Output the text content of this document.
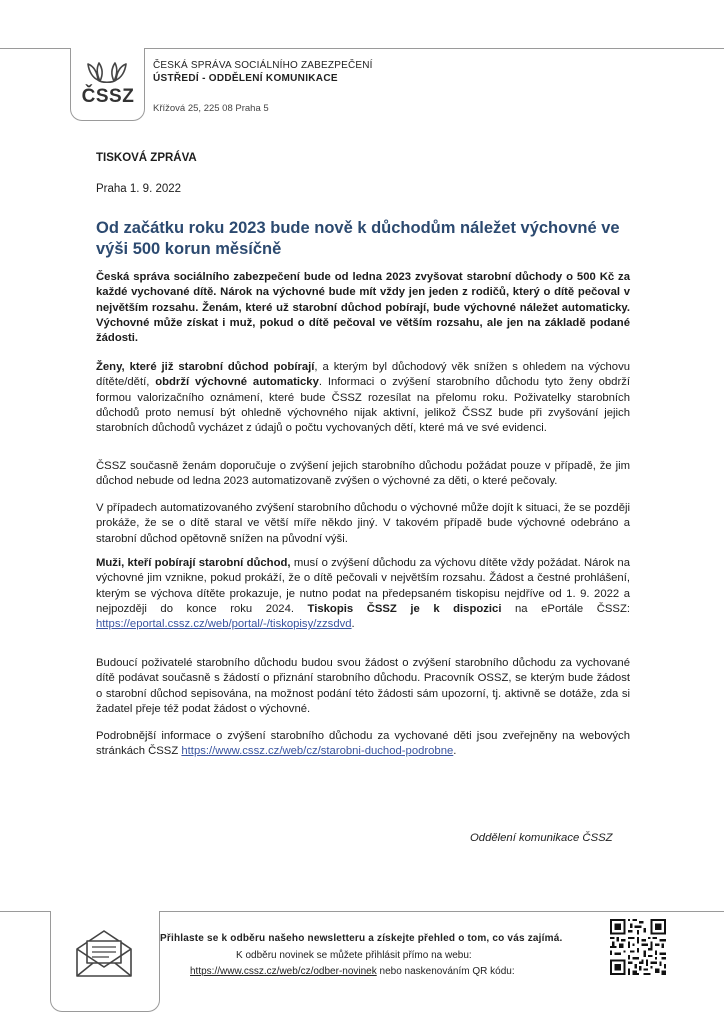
ČSSZ
ČESKÁ SPRÁVA SOCIÁLNÍHO ZABEZPEČENÍ
ÚSTŘEDÍ - ODDĚLENÍ KOMUNIKACE
Křížová 25, 225 08 Praha 5
TISKOVÁ ZPRÁVA
Praha 1. 9. 2022
Od začátku roku 2023 bude nově k důchodům náležet výchovné ve výši 500 korun měsíčně
Česká správa sociálního zabezpečení bude od ledna 2023 zvyšovat starobní důchody o 500 Kč za každé vychované dítě. Nárok na výchovné bude mít vždy jen jeden z rodičů, který o dítě pečoval v největším rozsahu. Ženám, které už starobní důchod pobírají, bude výchovné náležet automaticky. Výchovné může získat i muž, pokud o dítě pečoval ve větším rozsahu, ale jen na základě podané žádosti.
Ženy, které již starobní důchod pobírají, a kterým byl důchodový věk snížen s ohledem na výchovu dítěte/dětí, obdrží výchovné automaticky. Informaci o zvýšení starobního důchodu tyto ženy obdrží formou valorizačního oznámení, které bude ČSSZ rozesílat na přelomu roku. Poživatelky starobních důchodů proto nemusí být ohledně výchovného nijak aktivní, jelikož ČSSZ bude při zvyšování jejich starobních důchodů vycházet z údajů o počtu vychovaných dětí, které má ve své evidenci.
ČSSZ současně ženám doporučuje o zvýšení jejich starobního důchodu požádat pouze v případě, že jim důchod nebude od ledna 2023 automatizovaně zvýšen o výchovné za děti, o které pečovaly.
V případech automatizovaného zvýšení starobního důchodu o výchovné může dojít k situaci, že se později prokáže, že se o dítě staral ve větší míře někdo jiný. V takovém případě bude výchovné odebráno a starobní důchod opětovně snížen na původní výši.
Muži, kteří pobírají starobní důchod, musí o zvýšení důchodu za výchovu dítěte vždy požádat. Nárok na výchovné jim vznikne, pokud prokáží, že o dítě pečovali v největším rozsahu. Žádost a čestné prohlášení, kterým se výchova dítěte prokazuje, je nutno podat na předepsaném tiskopisu nejdříve od 1. 9. 2022 a nejpozději do konce roku 2024. Tiskopis ČSSZ je k dispozici na ePortále ČSSZ: https://eportal.cssz.cz/web/portal/-/tiskopisy/zzsdvd.
Budoucí poživatelé starobního důchodu budou svou žádost o zvýšení starobního důchodu za vychované dítě podávat současně s žádostí o přiznání starobního důchodu. Pracovník OSSZ, se kterým bude žádost o starobní důchod sepisována, na možnost podání této žádosti sám upozorní, tj. aktivně se dotáže, zda si žadatel přeje též podat žádost o výchovné.
Podrobnější informace o zvýšení starobního důchodu za vychované děti jsou zveřejněny na webových stránkách ČSSZ https://www.cssz.cz/web/cz/starobni-duchod-podrobne.
Oddělení komunikace ČSSZ
Přihlaste se k odběru našeho newsletteru a získejte přehled o tom, co vás zajímá.
K odběru novinek se můžete přihlásit přímo na webu:
https://www.cssz.cz/web/cz/odber-novinek nebo naskenováním QR kódu:
